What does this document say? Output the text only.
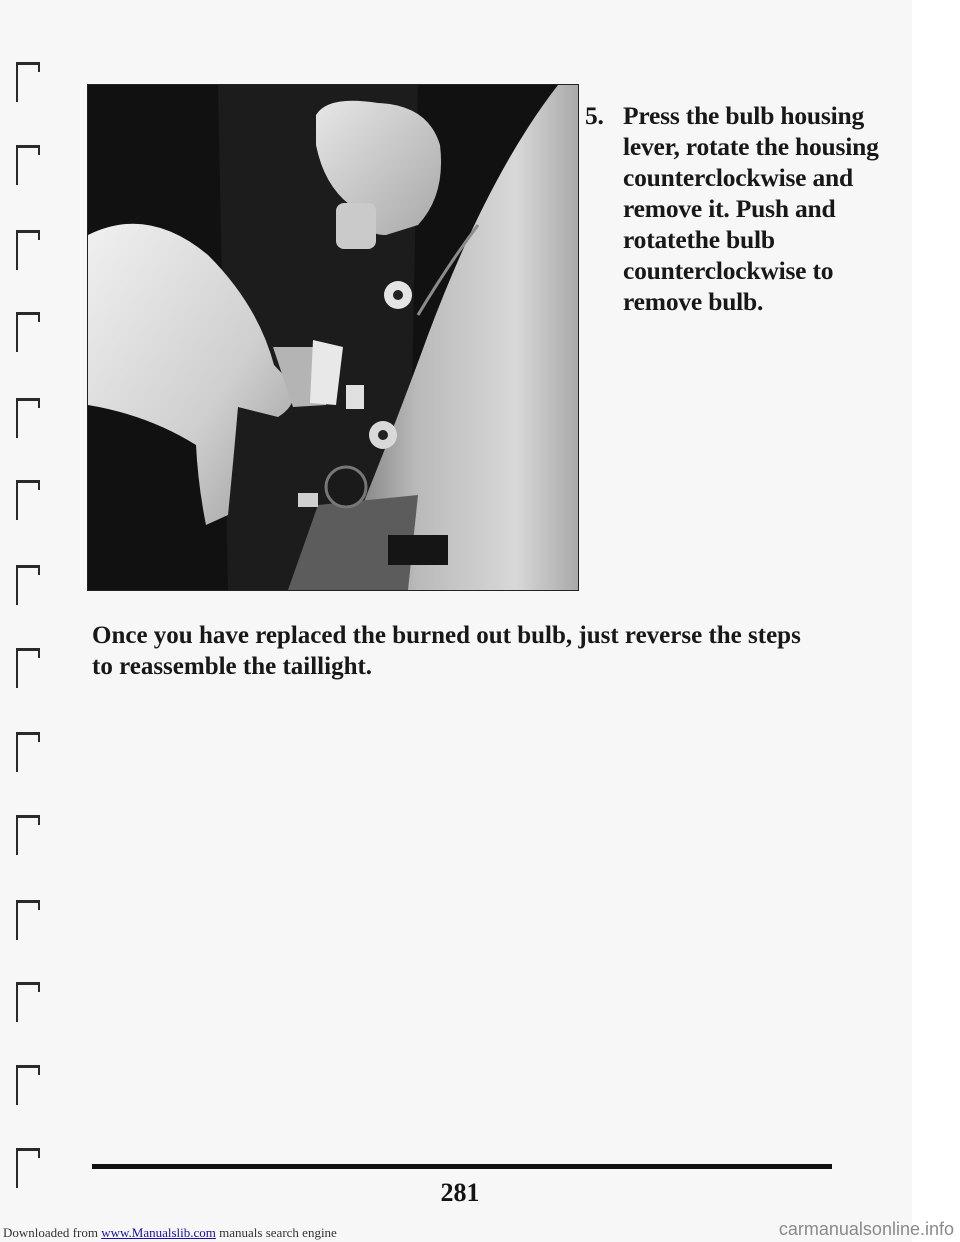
5. Press the bulb housing lever, rotate the housing counterclockwise and remove it. Push and rotatethe bulb counterclockwise to remove bulb.
Once you have replaced the burned out bulb, just reverse the steps to reassemble the taillight.
281
Downloaded from www.Manualslib.com manuals search engine	carmanualsonline.info
